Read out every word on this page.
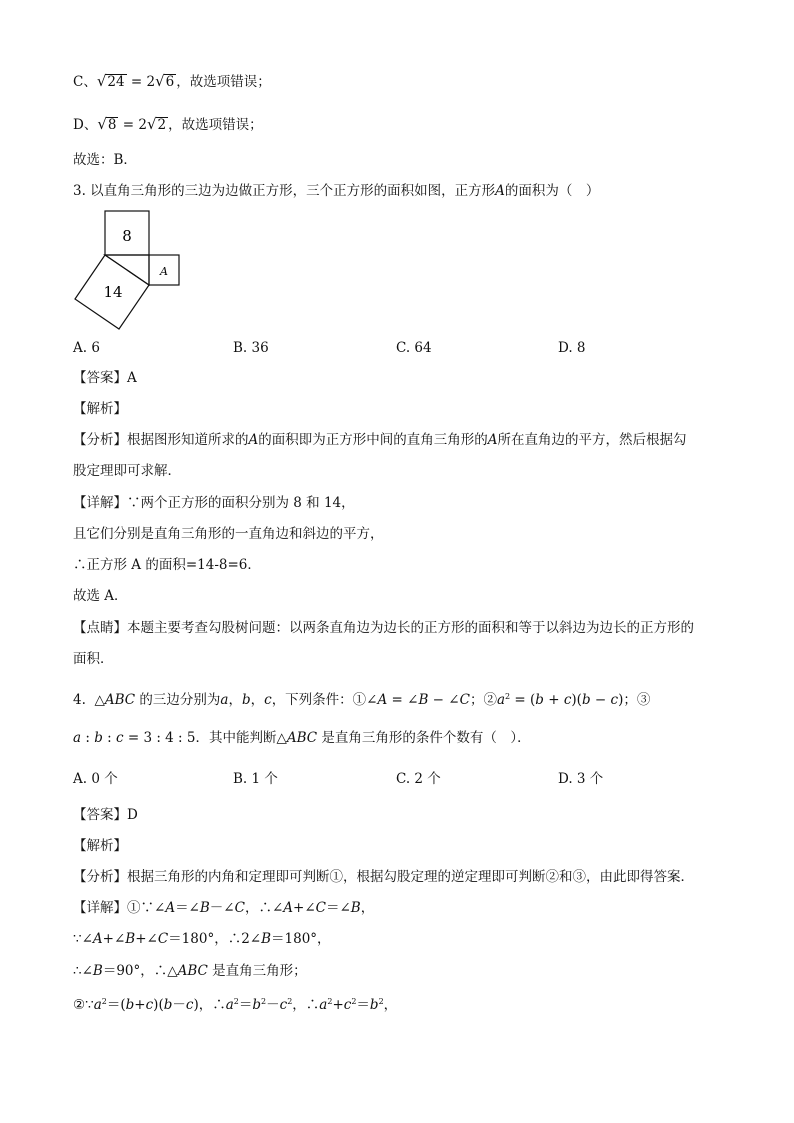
C、√24 = 2√6 ，故选项错误；
D、√8 = 2√2 ，故选项错误；
故选：B．
3. 以直角三角形的三边为边做正方形，三个正方形的面积如图，正方形A的面积为（　）
8
A
14
A. 6	B. 36	C. 64	D. 8
【答案】A
【解析】
【分析】根据图形知道所求的A的面积即为正方形中间的直角三角形的A所在直角边的平方，然后根据勾
股定理即可求解．
【详解】∵两个正方形的面积分别为 8 和 14，
且它们分别是直角三角形的一直角边和斜边的平方，
∴正方形 A 的面积=14-8=6．
故选 A．
【点睛】本题主要考查勾股树问题：以两条直角边为边长的正方形的面积和等于以斜边为边长的正方形的
面积．
4.  △ABC 的三边分别为a，b，c，下列条件：①∠A = ∠B − ∠C；$②a^2 = (b + c)(b - c)$；③
a : b : c = 3 : 4 : 5．其中能判断△ABC 是直角三角形的条件个数有（　）．
A. 0 个	B. 1 个	C. 2 个	D. 3 个
【答案】D
【解析】
【分析】根据三角形的内角和定理即可判断①，根据勾股定理的逆定理即可判断②和③，由此即得答案．
【详解】①∵∠A＝∠B－∠C，∴∠A+∠C＝∠B，
∵∠A+∠B+∠C＝180°，∴2∠B＝180°，
∴∠B＝90°，∴△ABC 是直角三角形；
$②\because a^2=(b+c)(b-c)$，$\therefore a^2=b^2-c^2$，$\therefore a^2+c^2=b^2$，
